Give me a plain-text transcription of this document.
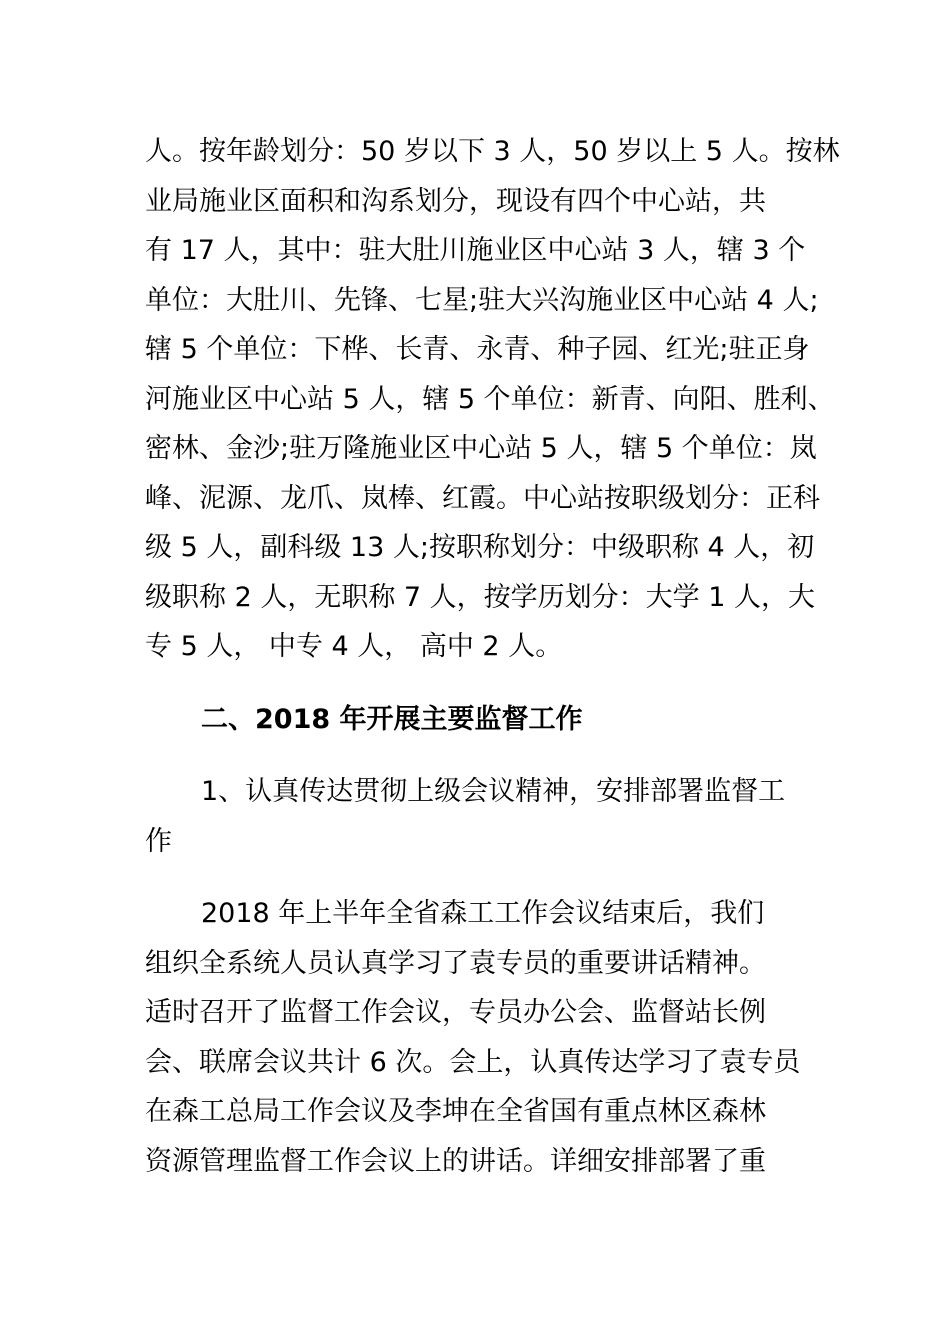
人。按年龄划分：50 岁以下 3 人，50 岁以上 5 人。按林
业局施业区面积和沟系划分，现设有四个中心站，共
有 17 人，其中：驻大肚川施业区中心站 3 人，辖 3 个
单位：大肚川、先锋、七星;驻大兴沟施业区中心站 4 人;
辖 5 个单位：下桦、长青、永青、种子园、红光;驻正身
河施业区中心站 5 人，辖 5 个单位：新青、向阳、胜利、
密林、金沙;驻万隆施业区中心站 5 人，辖 5 个单位：岚
峰、泥源、龙爪、岚棒、红霞。中心站按职级划分：正科
级 5 人，副科级 13 人;按职称划分：中级职称 4 人，初
级职称 2 人，无职称 7 人，按学历划分：大学 1 人，大
专 5 人， 中专 4 人， 高中 2 人。
二、2018 年开展主要监督工作
1、认真传达贯彻上级会议精神，安排部署监督工
作
2018 年上半年全省森工工作会议结束后，我们
组织全系统人员认真学习了袁专员的重要讲话精神。
适时召开了监督工作会议，专员办公会、监督站长例
会、联席会议共计 6 次。会上，认真传达学习了袁专员
在森工总局工作会议及李坤在全省国有重点林区森林
资源管理监督工作会议上的讲话。详细安排部署了重
